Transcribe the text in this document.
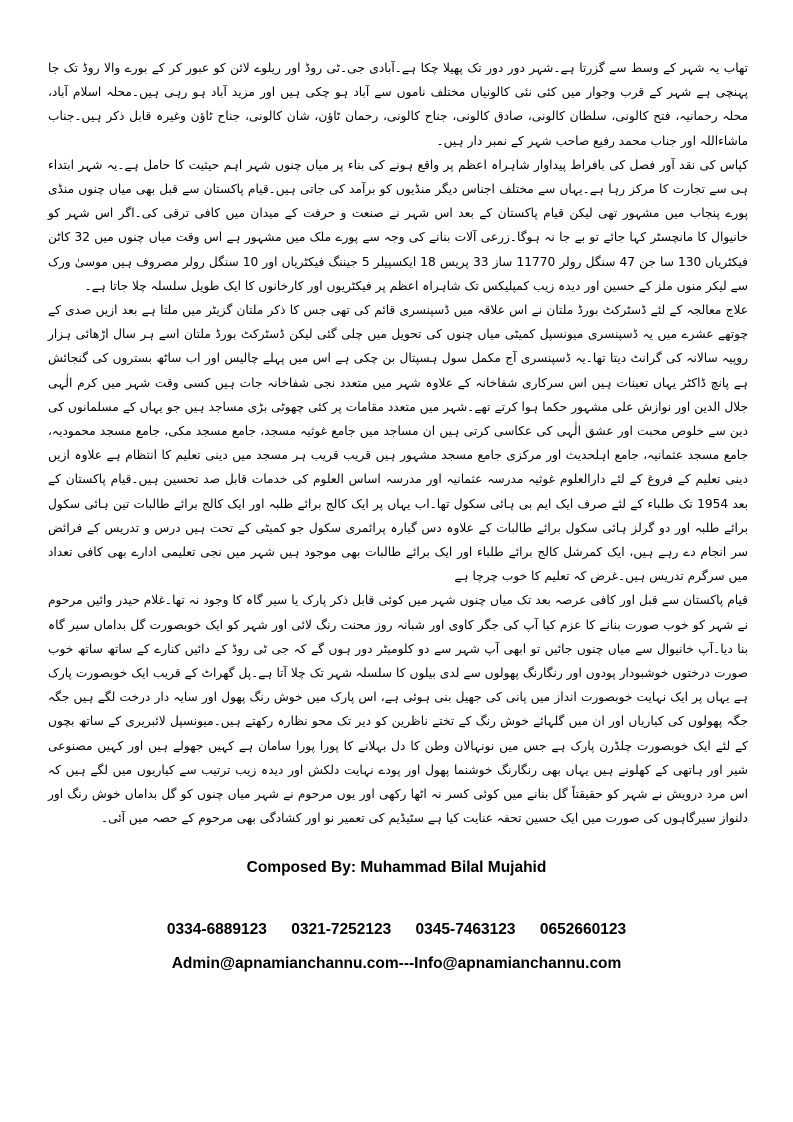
تھاب یہ شہر کے وسط سے گزرتا ہے۔شہر دور دور تک پھیلا چکا ہے۔آبادی جی۔ٹی روڈ اور ریلوے لائن کو عبور کر کے بورے والا روڈ تک جا پہنچی ہے شہر کے قرب وجوار میں کئی نئی کالونیاں مختلف ناموں سے آباد ہو چکی ہیں اور مزید آباد ہو رہی ہیں۔محلہ اسلام آباد، محلہ رحمانیہ، فتح کالونی، سلطان کالونی، صادق کالونی، جناح کالونی، رحمان ٹاؤن، شان کالونی، جناح ٹاؤن وغیرہ قابل ذکر ہیں۔جناب ماشاءاللہ اور جناب محمد رفیع صاحب شہر کے نمبر دار ہیں۔

کپاس کی نقد آور فصل کی بافراط پیداوار شاہراہ اعظم پر واقع ہونے کی بناء پر میاں چنوں شہر اہم حیثیت کا حامل ہے۔یہ شہر ابتداء ہی سے تجارت کا مرکز رہا ہے۔یہاں سے مختلف اجناس دیگر منڈیوں کو برآمد کی جاتی ہیں۔قیام پاکستان سے قبل بھی میاں چنوں منڈی پورے پنجاب میں مشہور تھی لیکن قیام پاکستان کے بعد اس شہر نے صنعت و حرفت کے میدان میں کافی ترقی کی۔اگر اس شہر کو خانیوال کا مانچسٹر کہا جائے تو بے جا نہ ہوگا۔زرعی آلات بنانے کی وجہ سے پورے ملک میں مشہور ہے اس وقت میاں چنوں میں 32 کاٹن فیکٹریاں 130 سا جن 47 سنگل رولر 11770 ساز 33 پریس 18 ایکسپیلر 5 جیننگ فیکٹریاں اور 10 سنگل رولر مصروف ہیں موسیٰ ورک سے لیکر منوں ملز کے حسین اور دیدہ زیب کمپلیکس تک شاہراہ اعظم پر فیکٹریوں اور کارخانوں کا ایک طویل سلسلہ چلا جاتا ہے۔

علاج معالجہ کے لئے ڈسٹرکٹ بورڈ ملتان نے اس علاقہ میں ڈسپنسری قائم کی تھی جس کا ذکر ملتان گزیٹر میں ملتا ہے بعد ازیں صدی کے چوتھے عشرے میں یہ ڈسپنسری میونسپل کمیٹی میاں چنوں کی تحویل میں چلی گئی لیکن ڈسٹرکٹ بورڈ ملتان اسے ہر سال اڑھائی ہزار روپیہ سالانہ کی گرانٹ دیتا تھا۔یہ ڈسپنسری آج مکمل سول ہسپتال بن چکی ہے اس میں پہلے چالیس اور اب ساٹھ بستروں کی گنجائش ہے پانچ ڈاکٹر یہاں تعینات ہیں اس سرکاری شفاخانہ کے علاوہ شہر میں متعدد نجی شفاخانہ جات ہیں کسی وقت شہر میں کرم الٰہی جلال الدین اور نوازش علی مشہور حکما ہوا کرتے تھے۔شہر میں متعدد مقامات پر کئی چھوٹی بڑی مساجد ہیں جو یہاں کے مسلمانوں کی دین سے خلوص محبت اور عشق الٰہی کی عکاسی کرتی ہیں ان مساجد میں جامع غوثیہ مسجد، جامع مسجد مکی، جامع مسجد محمودیہ، جامع مسجد عثمانیہ، جامع اہلحدیث اور مرکزی جامع مسجد مشہور ہیں قریب قریب ہر مسجد میں دینی تعلیم کا انتظام ہے علاوہ ازیں دینی تعلیم کے فروغ کے لئے دارالعلوم غوثیہ مدرسہ عثمانیہ اور مدرسہ اساس العلوم کی خدمات قابل صد تحسین ہیں۔قیام پاکستان کے بعد 1954 تک طلباء کے لئے صرف ایک ایم بی ہائی سکول تھا۔اب یہاں پر ایک کالج برائے طلبہ اور ایک کالج برائے طالبات تین ہائی سکول برائے طلبہ اور دو گرلز ہائی سکول برائے طالبات کے علاوہ دس گیارہ پرائمری سکول جو کمیٹی کے تحت ہیں درس و تدریس کے فرائض سر انجام دے رہے ہیں، ایک کمرشل کالج برائے طلباء اور ایک برائے طالبات بھی موجود ہیں شہر میں نجی تعلیمی ادارے بھی کافی تعداد میں سرگرم تدریس ہیں۔غرض کہ تعلیم کا خوب چرچا ہے

قیام پاکستان سے قبل اور کافی عرصہ بعد تک میاں چنوں شہر میں کوئی قابل ذکر پارک یا سیر گاہ کا وجود نہ تھا۔غلام حیدر وائیں مرحوم نے شہر کو خوب صورت بنانے کا عزم کیا آپ کی جگر کاوی اور شبانہ روز محنت رنگ لائی اور شہر کو ایک خوبصورت گل بداماں سیر گاہ بنا دیا۔آپ خانیوال سے میاں چنوں جائیں تو ابھی آپ شہر سے دو کلومیٹر دور ہوں گے کہ جی ٹی روڈ کے دائیں کنارے کے ساتھ ساتھ خوب صورت درختوں خوشبودار پودوں اور رنگارنگ پھولوں سے لدی بیلوں کا سلسلہ شہر تک چلا آتا ہے۔پل گھراٹ کے قریب ایک خوبصورت پارک ہے یہاں پر ایک نہایت خوبصورت انداز میں پانی کی جھیل بنی ہوئی ہے، اس پارک میں خوش رنگ پھول اور سایہ دار درخت لگے ہیں جگہ جگہ پھولوں کی کیاریاں اور ان میں گلہائے خوش رنگ کے تختے ناظرین کو دیر تک محو نظارہ رکھتے ہیں۔میونسپل لائبریری کے ساتھ بچوں کے لئے ایک خوبصورت چلڈرن پارک ہے جس میں نونہالان وطن کا دل بہلانے کا پورا پورا سامان ہے کہیں جھولے ہیں اور کہیں مصنوعی شیر اور ہاتھی کے کھلونے ہیں یہاں بھی رنگارنگ خوشنما پھول اور پودے نہایت دلکش اور دیدہ زیب ترتیب سے کیاریوں میں لگے ہیں کہ اس مرد درویش نے شہر کو حقیقتاً گل بنانے میں کوئی کسر نہ اٹھا رکھی اور یوں مرحوم نے شہر میاں چنوں کو گل بداماں خوش رنگ اور دلنواز سیرگاہوں کی صورت میں ایک حسین تحفہ عنایت کیا ہے سٹیڈیم کی تعمیر نو اور کشادگی بھی مرحوم کے حصہ میں آئی۔

Composed By: Muhammad Bilal Mujahid
0334-6889123 0321-7252123 0345-7463123 0652660123
Admin@apnamianchannu.com---Info@apnamianchannu.com
